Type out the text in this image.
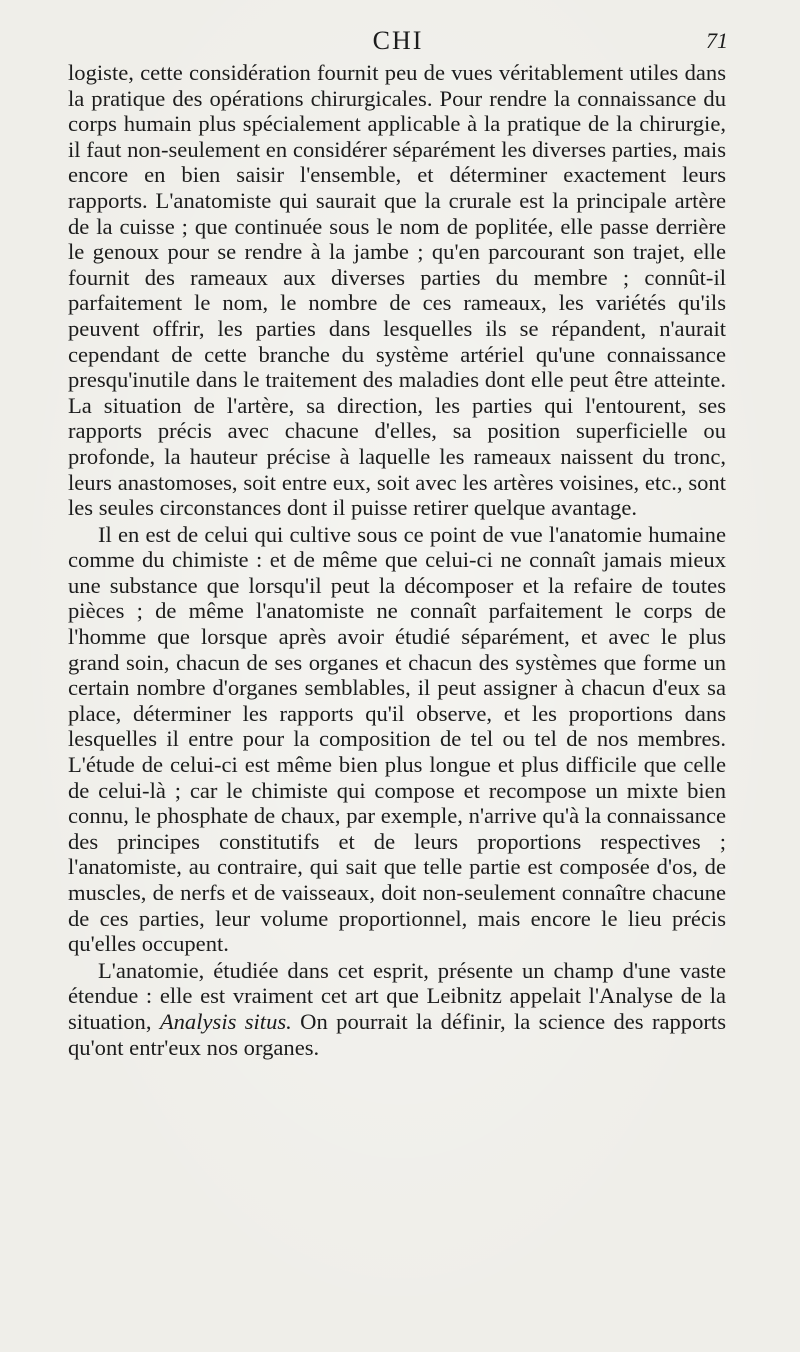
CHI	71

logiste, cette considération fournit peu de vues véritablement utiles dans la pratique des opérations chirurgicales. Pour rendre la connaissance du corps humain plus spécialement applicable à la pratique de la chirurgie, il faut non-seulement en considérer séparément les diverses parties, mais encore en bien saisir l'ensemble, et déterminer exactement leurs rapports. L'anatomiste qui saurait que la crurale est la principale artère de la cuisse ; que continuée sous le nom de poplitée, elle passe derrière le genoux pour se rendre à la jambe ; qu'en parcourant son trajet, elle fournit des rameaux aux diverses parties du membre ; connût-il parfaitement le nom, le nombre de ces rameaux, les variétés qu'ils peuvent offrir, les parties dans lesquelles ils se répandent, n'aurait cependant de cette branche du système artériel qu'une connaissance presqu'inutile dans le traitement des maladies dont elle peut être atteinte. La situation de l'artère, sa direction, les parties qui l'entourent, ses rapports précis avec chacune d'elles, sa position superficielle ou profonde, la hauteur précise à laquelle les rameaux naissent du tronc, leurs anastomoses, soit entre eux, soit avec les artères voisines, etc., sont les seules circonstances dont il puisse retirer quelque avantage.

Il en est de celui qui cultive sous ce point de vue l'anatomie humaine comme du chimiste : et de même que celui-ci ne connaît jamais mieux une substance que lorsqu'il peut la décomposer et la refaire de toutes pièces ; de même l'anatomiste ne connaît parfaitement le corps de l'homme que lorsque après avoir étudié séparément, et avec le plus grand soin, chacun de ses organes et chacun des systèmes que forme un certain nombre d'organes semblables, il peut assigner à chacun d'eux sa place, déterminer les rapports qu'il observe, et les proportions dans lesquelles il entre pour la composition de tel ou tel de nos membres. L'étude de celui-ci est même bien plus longue et plus difficile que celle de celui-là ; car le chimiste qui compose et recompose un mixte bien connu, le phosphate de chaux, par exemple, n'arrive qu'à la connaissance des principes constitutifs et de leurs proportions respectives ; l'anatomiste, au contraire, qui sait que telle partie est composée d'os, de muscles, de nerfs et de vaisseaux, doit non-seulement connaître chacune de ces parties, leur volume proportionnel, mais encore le lieu précis qu'elles occupent.

L'anatomie, étudiée dans cet esprit, présente un champ d'une vaste étendue : elle est vraiment cet art que Leibnitz appelait l'Analyse de la situation, Analysis situs. On pourrait la définir, la science des rapports qu'ont entr'eux nos organes.
